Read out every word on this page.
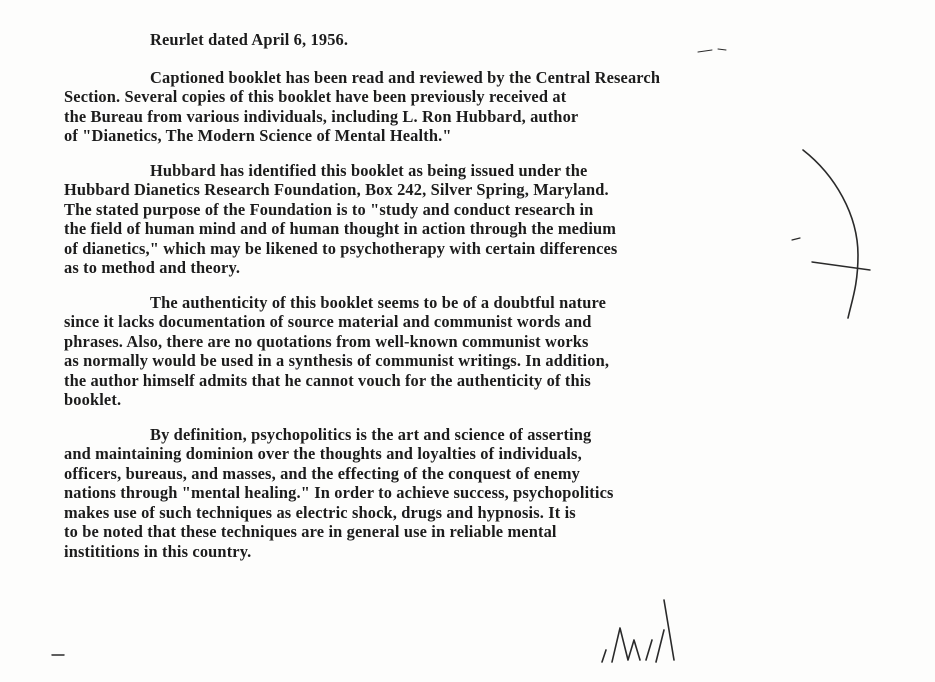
Reurlet dated April 6, 1956.
Captioned booklet has been read and reviewed by the Central Research
Section. Several copies of this booklet have been previously received at
the Bureau from various individuals, including L. Ron Hubbard, author
of "Dianetics, The Modern Science of Mental Health."
Hubbard has identified this booklet as being issued under the
Hubbard Dianetics Research Foundation, Box 242, Silver Spring, Maryland.
The stated purpose of the Foundation is to "study and conduct research in
the field of human mind and of human thought in action through the medium
of dianetics," which may be likened to psychotherapy with certain differences
as to method and theory.
The authenticity of this booklet seems to be of a doubtful nature
since it lacks documentation of source material and communist words and
phrases. Also, there are no quotations from well-known communist works
as normally would be used in a synthesis of communist writings. In addition,
the author himself admits that he cannot vouch for the authenticity of this
booklet.
By definition, psychopolitics is the art and science of asserting
and maintaining dominion over the thoughts and loyalties of individuals,
officers, bureaus, and masses, and the effecting of the conquest of enemy
nations through "mental healing." In order to achieve success, psychopolitics
makes use of such techniques as electric shock, drugs and hypnosis. It is
to be noted that these techniques are in general use in reliable mental
instititions in this country.
